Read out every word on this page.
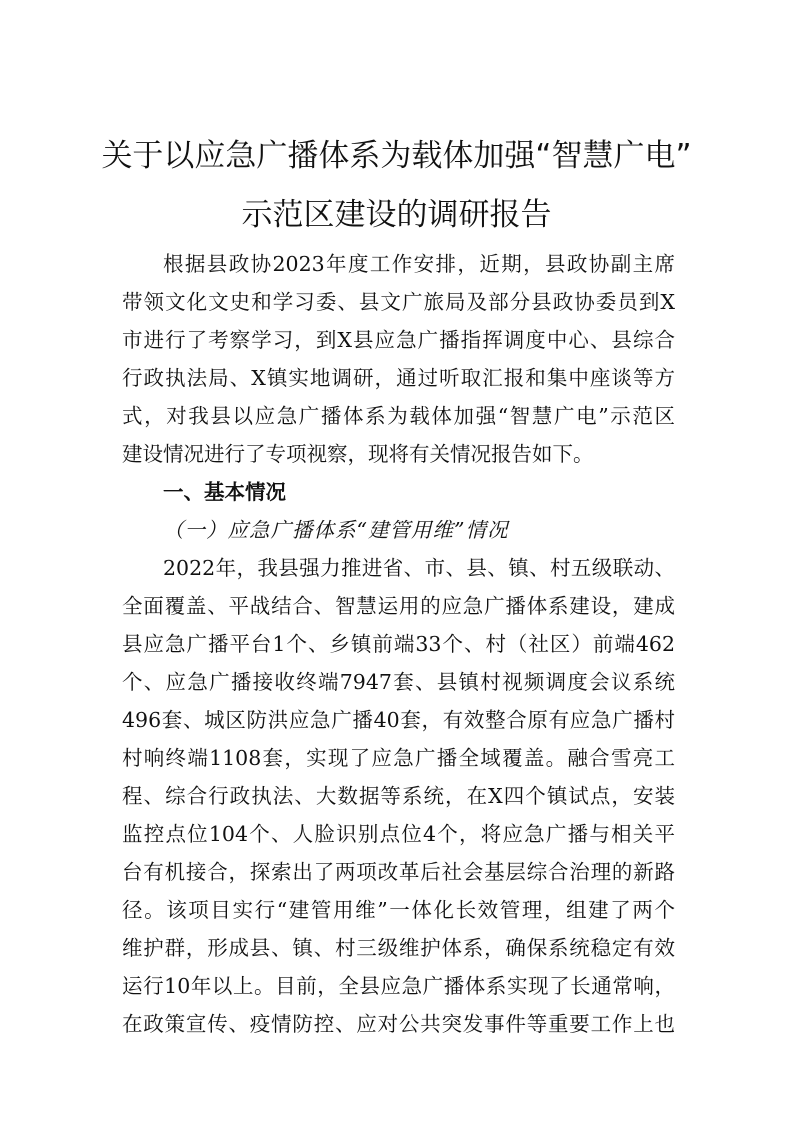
关于以应急广播体系为载体加强“智慧广电”
示范区建设的调研报告

根据县政协2023年度工作安排，近期，县政协副主席

带领文化文史和学习委、县文广旅局及部分县政协委员到X

市进行了考察学习，到X县应急广播指挥调度中心、县综合

行政执法局、X镇实地调研，通过听取汇报和集中座谈等方

式，对我县以应急广播体系为载体加强“智慧广电”示范区

建设情况进行了专项视察，现将有关情况报告如下。

一、基本情况

（一）应急广播体系“建管用维”情况

2022年，我县强力推进省、市、县、镇、村五级联动、

全面覆盖、平战结合、智慧运用的应急广播体系建设，建成

县应急广播平台1个、乡镇前端33个、村（社区）前端462

个、应急广播接收终端7947套、县镇村视频调度会议系统

496套、城区防洪应急广播40套，有效整合原有应急广播村

村响终端1108套，实现了应急广播全域覆盖。融合雪亮工

程、综合行政执法、大数据等系统，在X四个镇试点，安装

监控点位104个、人脸识别点位4个，将应急广播与相关平

台有机接合，探索出了两项改革后社会基层综合治理的新路

径。该项目实行“建管用维”一体化长效管理，组建了两个

维护群，形成县、镇、村三级维护体系，确保系统稳定有效

运行10年以上。目前，全县应急广播体系实现了长通常响，

在政策宣传、疫情防控、应对公共突发事件等重要工作上也
